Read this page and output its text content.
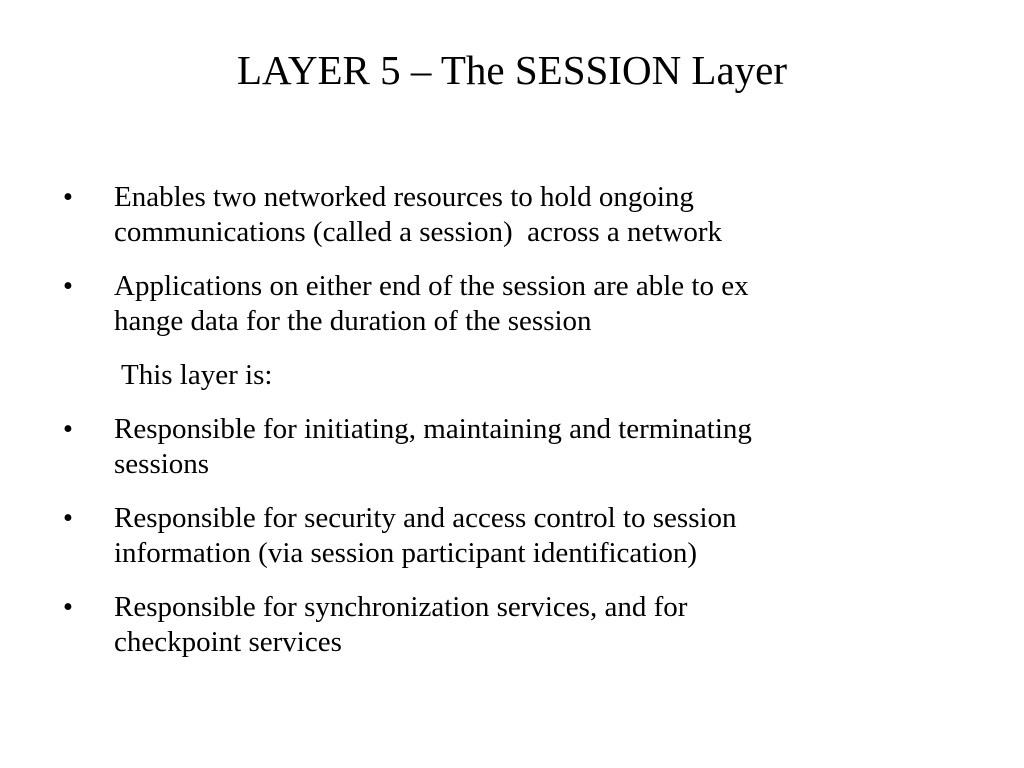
LAYER 5 – The SESSION Layer
• Enables two networked resources to hold ongoing
communications (called a session)  across a network
• Applications on either end of the session are able to ex
hange data for the duration of the session
This layer is:
• Responsible for initiating, maintaining and terminating
sessions
• Responsible for security and access control to session
information (via session participant identification)
• Responsible for synchronization services, and for
checkpoint services
